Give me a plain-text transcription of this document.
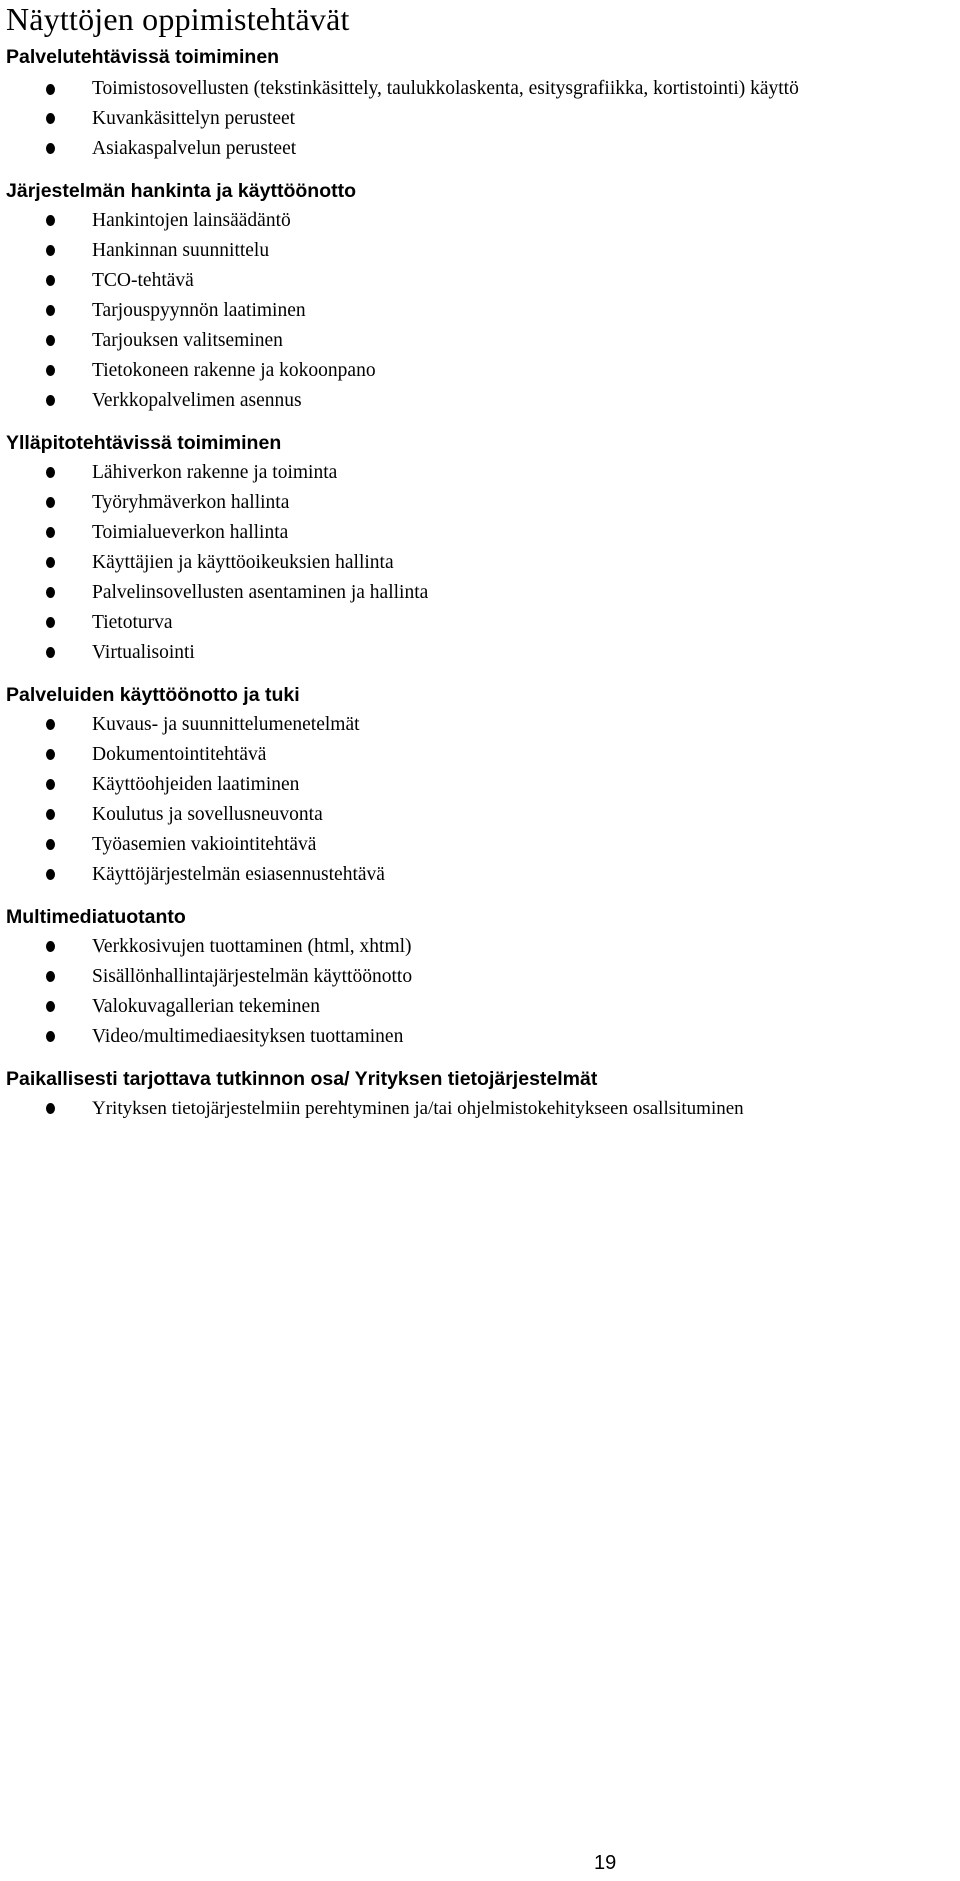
Näyttöjen oppimistehtävät
Palvelutehtävissä toimiminen
Toimistosovellusten (tekstinkäsittely, taulukkolaskenta, esitysgrafiikka, kortistointi) käyttö
Kuvankäsittelyn perusteet
Asiakaspalvelun perusteet
Järjestelmän hankinta ja käyttöönotto
Hankintojen lainsäädäntö
Hankinnan suunnittelu
TCO-tehtävä
Tarjouspyynnön laatiminen
Tarjouksen valitseminen
Tietokoneen rakenne ja kokoonpano
Verkkopalvelimen asennus
Ylläpitotehtävissä toimiminen
Lähiverkon rakenne ja toiminta
Työryhmäverkon hallinta
Toimialueverkon hallinta
Käyttäjien ja käyttöoikeuksien hallinta
Palvelinsovellusten asentaminen ja hallinta
Tietoturva
Virtualisointi
Palveluiden käyttöönotto ja tuki
Kuvaus- ja suunnittelumenetelmät
Dokumentointitehtävä
Käyttöohjeiden laatiminen
Koulutus ja sovellusneuvonta
Työasemien vakiointitehtävä
Käyttöjärjestelmän esiasennustehtävä
Multimediatuotanto
Verkkosivujen tuottaminen (html, xhtml)
Sisällönhallintajärjestelmän käyttöönotto
Valokuvagallerian tekeminen
Video/multimediaesityksen tuottaminen
Paikallisesti tarjottava tutkinnon osa/ Yrityksen tietojärjestelmät
Yrityksen tietojärjestelmiin perehtyminen ja/tai ohjelmistokehitykseen osallsituminen
19
